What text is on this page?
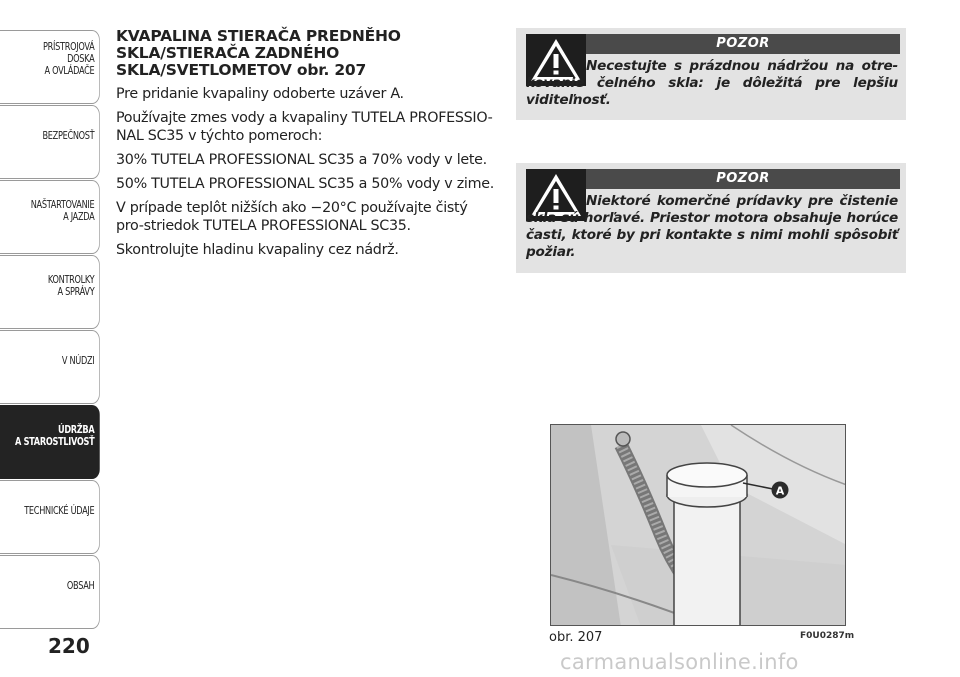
PRÍSTROJOVÁ
DOSKA
A OVLÁDAČE
BEZPEČNOSŤ
NAŠTARTOVANIE
A JAZDA
KONTROLKY
A SPRÁVY
V NÚDZI
ÚDRŽBA
A STAROSTLIVOSŤ
TECHNICKÉ ÚDAJE
OBSAH
220
KVAPALINA STIERAČA PREDNĚHO
SKLA/STIERAČA ZADNÉHO
SKLA/SVETLOMETOV obr. 207

Pre pridanie kvapaliny odoberte uzáver A.

Používajte zmes vody a kvapaliny TUTELA PROFESSIO-NAL SC35 v týchto pomeroch:

30% TUTELA PROFESSIONAL SC35 a 70% vody v lete.

50% TUTELA PROFESSIONAL SC35 a 50% vody v zime.

V prípade teplôt nižších ako −20°C používajte čistý pro-striedok TUTELA PROFESSIONAL SC35.

Skontrolujte hladinu kvapaliny cez nádrž.

POZOR
Necestujte s prázdnou nádržou na otre-kovanie čelného skla: je dôležitá pre lepšiu viditeľnosť.
POZOR
Niektoré komerčné prídavky pre čistenie skla sú horľavé. Priestor motora obsahuje horúce časti, ktoré by pri kontakte s nimi mohli spôsobiť požiar.
A
obr. 207	F0U0287m
carmanualsonline.info
